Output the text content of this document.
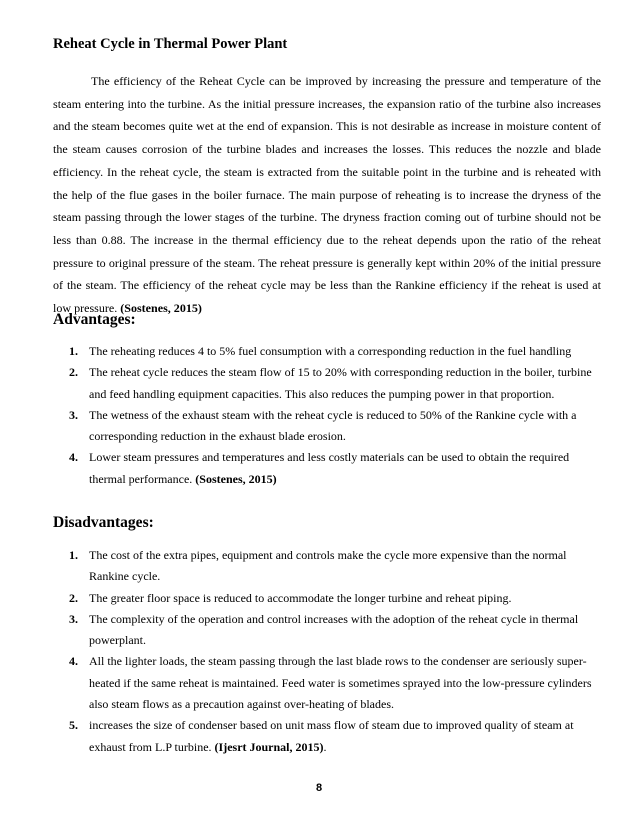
Reheat Cycle in Thermal Power Plant

The efficiency of the Reheat Cycle can be improved by increasing the pressure and temperature of the steam entering into the turbine. As the initial pressure increases, the expansion ratio of the turbine also increases and the steam becomes quite wet at the end of expansion. This is not desirable as increase in moisture content of the steam causes corrosion of the turbine blades and increases the losses. This reduces the nozzle and blade efficiency. In the reheat cycle, the steam is extracted from the suitable point in the turbine and is reheated with the help of the flue gases in the boiler furnace. The main purpose of reheating is to increase the dryness of the steam passing through the lower stages of the turbine. The dryness fraction coming out of turbine should not be less than 0.88. The increase in the thermal efficiency due to the reheat depends upon the ratio of the reheat pressure to original pressure of the steam. The reheat pressure is generally kept within 20% of the initial pressure of the steam. The efficiency of the reheat cycle may be less than the Rankine efficiency if the reheat is used at low pressure. (Sostenes, 2015)

Advantages:
1. The reheating reduces 4 to 5% fuel consumption with a corresponding reduction in the fuel handling
2. The reheat cycle reduces the steam flow of 15 to 20% with corresponding reduction in the boiler, turbine and feed handling equipment capacities. This also reduces the pumping power in that proportion.
3. The wetness of the exhaust steam with the reheat cycle is reduced to 50% of the Rankine cycle with a corresponding reduction in the exhaust blade erosion.
4. Lower steam pressures and temperatures and less costly materials can be used to obtain the required thermal performance. (Sostenes, 2015)
Disadvantages:
1. The cost of the extra pipes, equipment and controls make the cycle more expensive than the normal Rankine cycle.
2. The greater floor space is reduced to accommodate the longer turbine and reheat piping.
3. The complexity of the operation and control increases with the adoption of the reheat cycle in thermal powerplant.
4. All the lighter loads, the steam passing through the last blade rows to the condenser are seriously super-heated if the same reheat is maintained. Feed water is sometimes sprayed into the low-pressure cylinders also steam flows as a precaution against over-heating of blades.
5. increases the size of condenser based on unit mass flow of steam due to improved quality of steam at exhaust from L.P turbine. (Ijesrt Journal, 2015).
8
